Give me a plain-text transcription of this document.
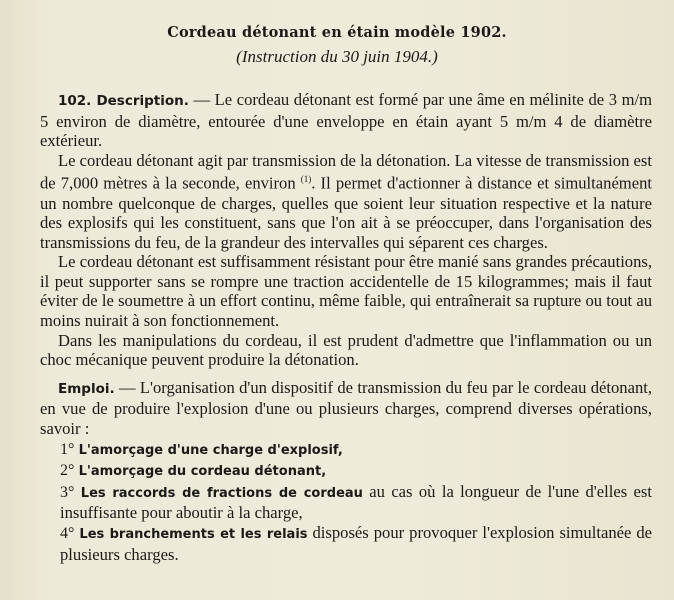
Cordeau détonant en étain modèle 1902.
(Instruction du 30 juin 1904.)

102. Description. — Le cordeau détonant est formé par une âme en mélinite de 3 m/m 5 environ de diamètre, entourée d'une enveloppe en étain ayant 5 m/m 4 de diamètre extérieur.

Le cordeau détonant agit par transmission de la détonation. La vitesse de transmission est de 7,000 mètres à la seconde, environ $^{(1)}$. Il permet d'actionner à distance et simultanément un nombre quelconque de charges, quelles que soient leur situation respective et la nature des explosifs qui les constituent, sans que l'on ait à se préoccuper, dans l'organisation des transmissions du feu, de la grandeur des intervalles qui séparent ces charges.

Le cordeau détonant est suffisamment résistant pour être manié sans grandes précautions, il peut supporter sans se rompre une traction accidentelle de 15 kilogrammes; mais il faut éviter de le soumettre à un effort continu, même faible, qui entraînerait sa rupture ou tout au moins nuirait à son fonctionnement.

Dans les manipulations du cordeau, il est prudent d'admettre que l'inflammation ou un choc mécanique peuvent produire la détonation.

Emploi. — L'organisation d'un dispositif de transmission du feu par le cordeau détonant, en vue de produire l'explosion d'une ou plusieurs charges, comprend diverses opérations, savoir :

1° L'amorçage d'une charge d'explosif,

2° L'amorçage du cordeau détonant,

3° Les raccords de fractions de cordeau au cas où la longueur de l'une d'elles est insuffisante pour aboutir à la charge,

4° Les branchements et les relais disposés pour provoquer l'explosion simultanée de plusieurs charges.
